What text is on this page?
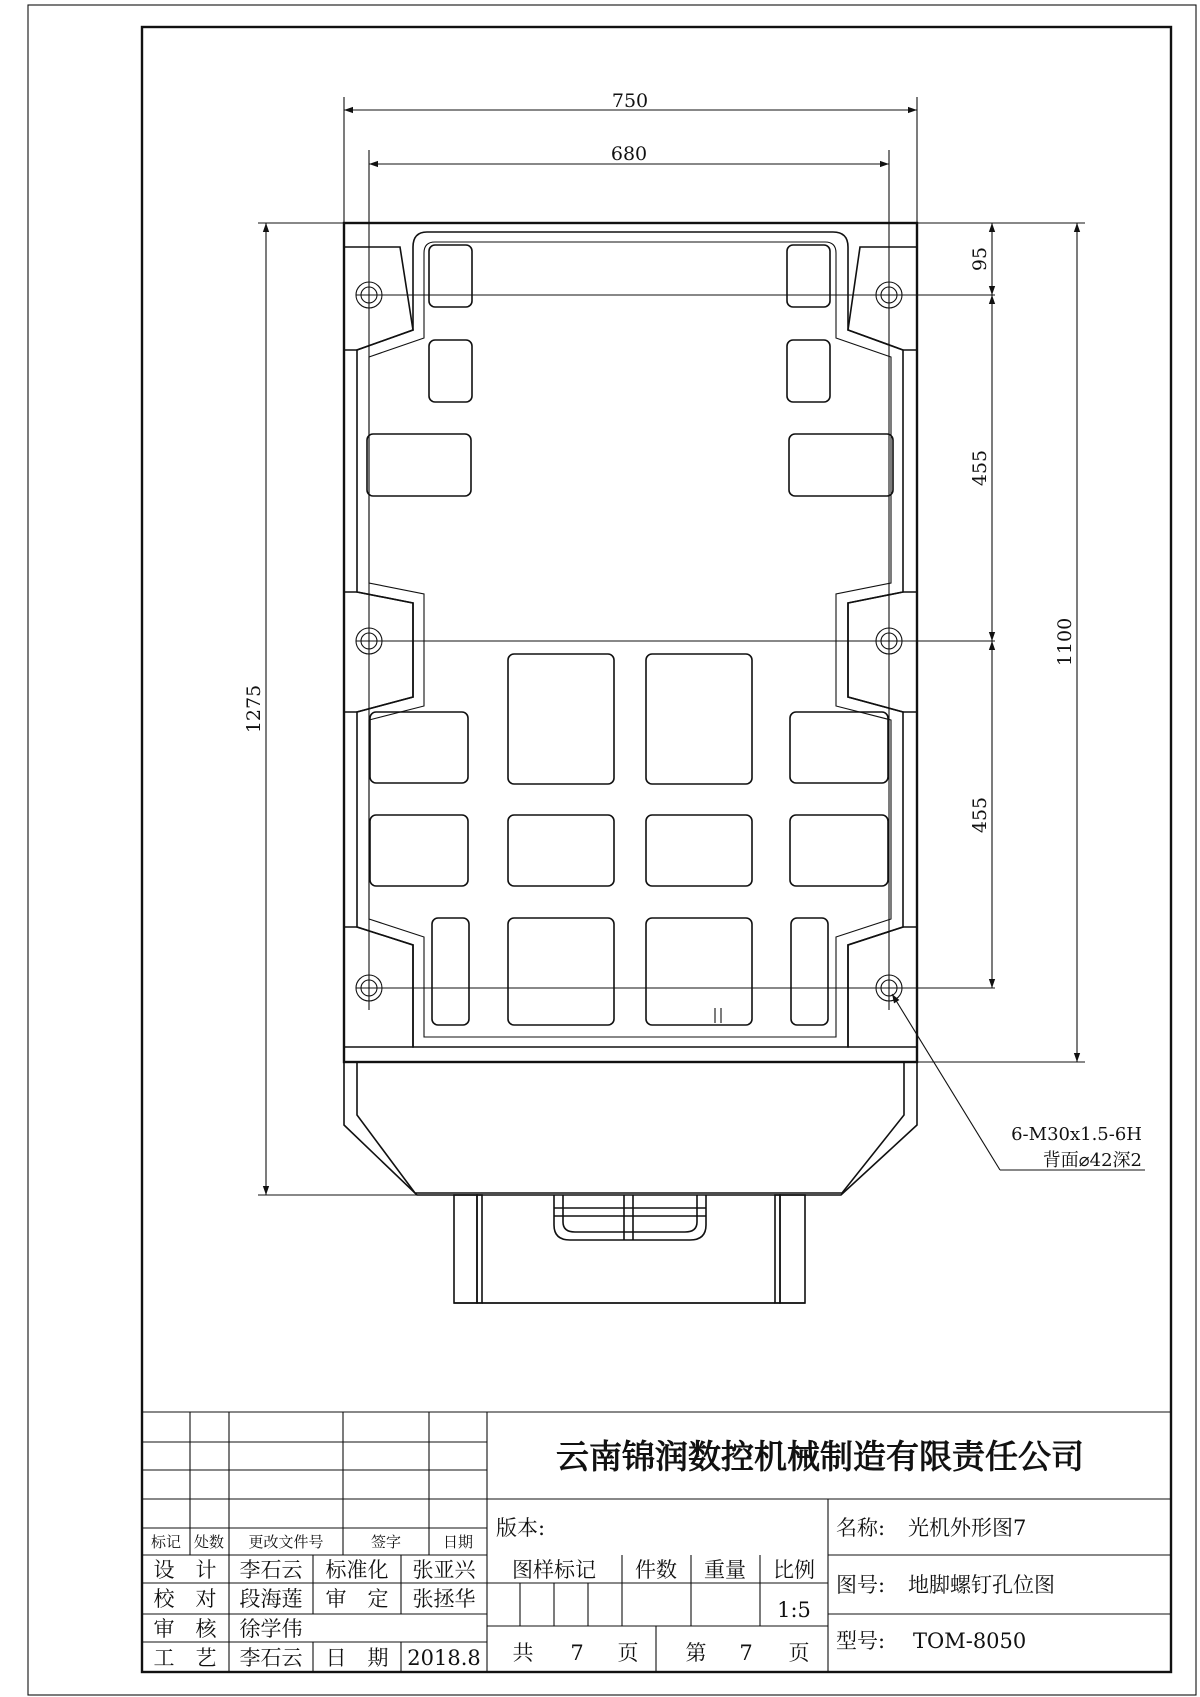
750
680
95
455
455
1100
1275
6-M30x1.5-6H
背面⌀42深2
云南锦润数控机械制造有限责任公司
标记 处数 更改文件号	签字	日期
设　计 李石云 标准化 张亚兴
校　对 段海莲 审　定 张拯华
审　核 徐学伟
工　艺 李石云 日　期 2018.8
版本:
图样标记 件数 重量 比例
1:5
共 7 页 第 7 页
名称: 光机外形图7
图号: 地脚螺钉孔位图
型号: TOM-8050
